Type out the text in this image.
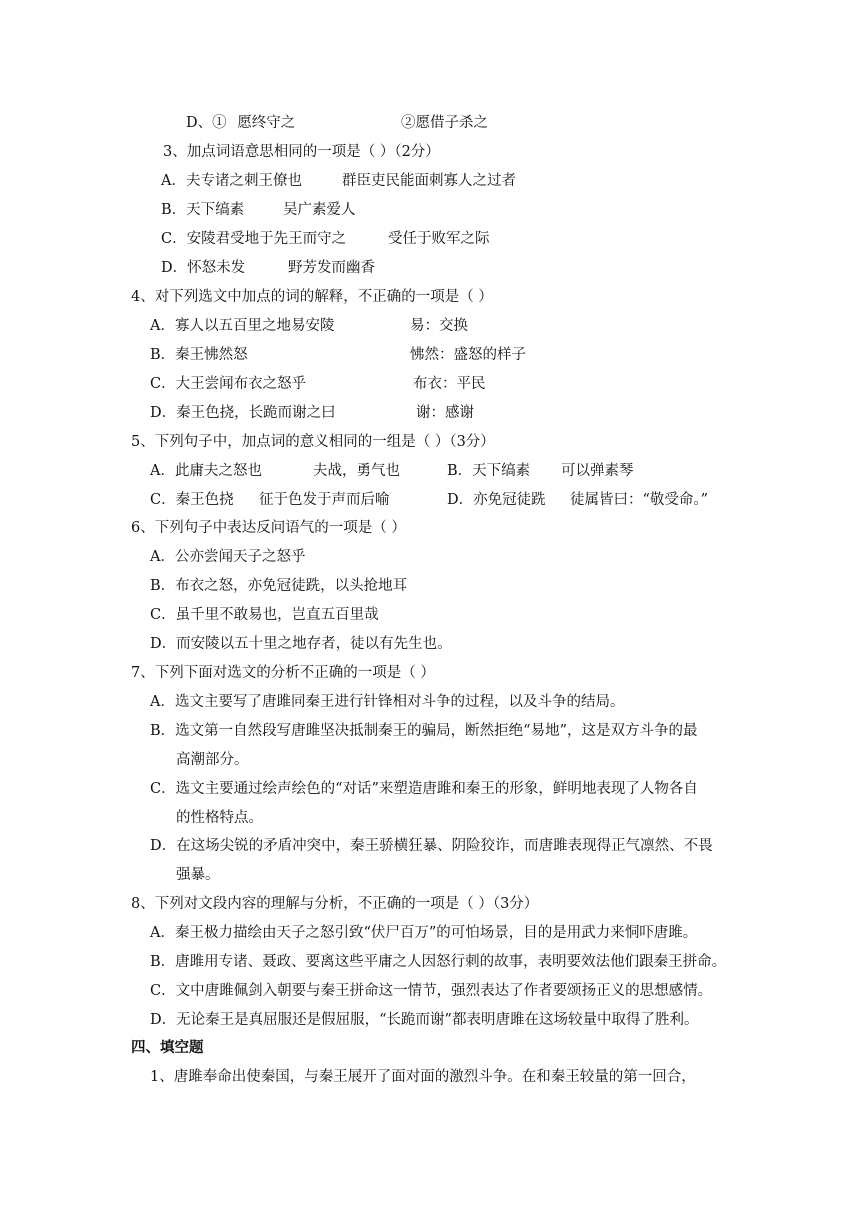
D、① 愿终守之	②愿借子杀之
3、加点词语意思相同的一项是（ ）（2分）
A．夫专诸之刺王僚也	群臣吏民能面刺寡人之过者
B．天下缟素	吴广素爱人
C．安陵君受地于先王而守之	受任于败军之际
D．怀怒未发	野芳发而幽香
4、对下列选文中加点的词的解释，不正确的一项是（ ）
A．寡人以五百里之地易安陵	易：交换
B．秦王怫然怒	怫然：盛怒的样子
C．大王尝闻布衣之怒乎	布衣：平民
D．秦王色挠，长跪而谢之曰	谢：感谢
5、下列句子中，加点词的意义相同的一组是（ ）（3分）
A．此庸夫之怒也	夫战，勇气也	B．天下缟素 可以弹素琴
C．秦王色挠 征于色发于声而后喻	D．亦免冠徒跣 徒属皆曰：“敬受命。”
6、下列句子中表达反问语气的一项是（ ）
A．公亦尝闻天子之怒乎
B．布衣之怒，亦免冠徒跣，以头抢地耳
C．虽千里不敢易也，岂直五百里哉
D．而安陵以五十里之地存者，徒以有先生也。
7、下列下面对选文的分析不正确的一项是（ ）
A．选文主要写了唐雎同秦王进行针锋相对斗争的过程，以及斗争的结局。
B．选文第一自然段写唐雎坚决抵制秦王的骗局，断然拒绝“易地”，这是双方斗争的最
高潮部分。
C．选文主要通过绘声绘色的“对话”来塑造唐雎和秦王的形象，鲜明地表现了人物各自
的性格特点。
D．在这场尖锐的矛盾冲突中，秦王骄横狂暴、阴险狡诈，而唐雎表现得正气凛然、不畏
强暴。
8、下列对文段内容的理解与分析，不正确的一项是（ ）（3分）
A．秦王极力描绘由天子之怒引致“伏尸百万”的可怕场景，目的是用武力来恫吓唐雎。
B．唐雎用专诸、聂政、要离这些平庸之人因怒行刺的故事，表明要效法他们跟秦王拼命。
C．文中唐雎佩剑入朝要与秦王拼命这一情节，强烈表达了作者要颂扬正义的思想感情。
D．无论秦王是真屈服还是假屈服，“长跪而谢”都表明唐雎在这场较量中取得了胜利。
四、填空题
1、唐雎奉命出使秦国，与秦王展开了面对面的激烈斗争。在和秦王较量的第一回合，
